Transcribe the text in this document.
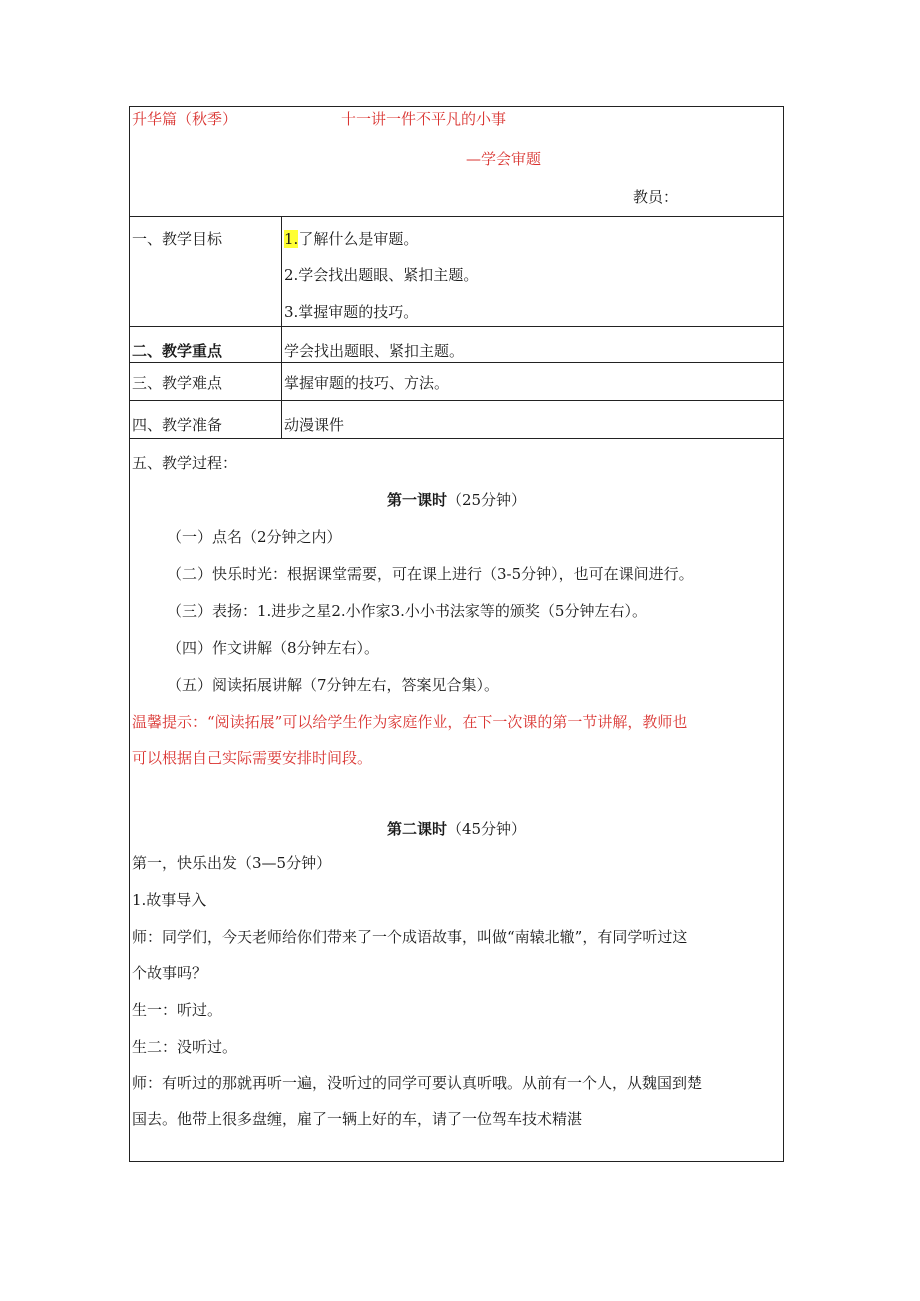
升华篇（秋季）	十一讲一件不平凡的小事
—学会审题
教员：
一、教学目标	1.了解什么是审题。
2.学会找出题眼、紧扣主题。
3.掌握审题的技巧。
二、教学重点	学会找出题眼、紧扣主题。
三、教学难点	掌握审题的技巧、方法。
四、教学准备	动漫课件
五、教学过程：
第一课时（25分钟）
（一）点名（2分钟之内）
（二）快乐时光：根据课堂需要，可在课上进行（3-5分钟），也可在课间进行。
（三）表扬：1.进步之星2.小作家3.小小书法家等的颁奖（5分钟左右）。
（四）作文讲解（8分钟左右）。
（五）阅读拓展讲解（7分钟左右，答案见合集）。
温馨提示：“阅读拓展”可以给学生作为家庭作业，在下一次课的第一节讲解，教师也
可以根据自己实际需要安排时间段。
第二课时（45分钟）
第一，快乐出发（3—5分钟）
1.故事导入
师：同学们，今天老师给你们带来了一个成语故事，叫做“南辕北辙”，有同学听过这
个故事吗？
生一：听过。
生二：没听过。
师：有听过的那就再听一遍，没听过的同学可要认真听哦。从前有一个人，从魏国到楚
国去。他带上很多盘缠，雇了一辆上好的车，请了一位驾车技术精湛
